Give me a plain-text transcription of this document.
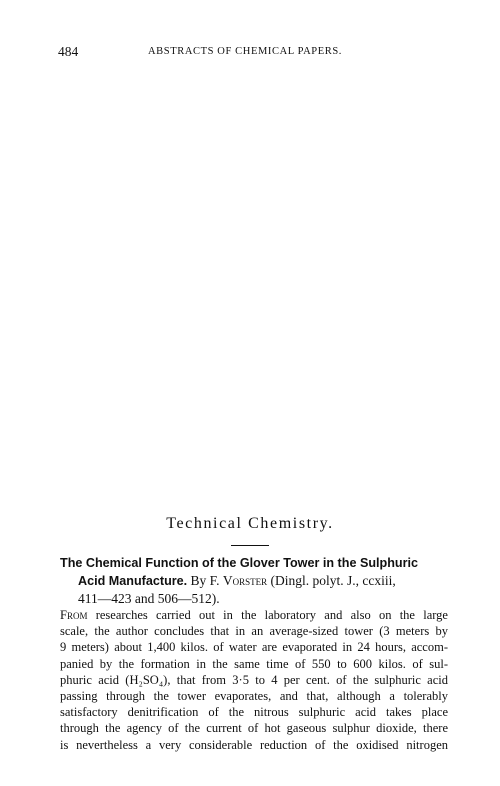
484	ABSTRACTS OF CHEMICAL PAPERS.
Technical Chemistry.

The Chemical Function of the Glover Tower in the Sulphuric
Acid Manufacture. By F. Vorster (Dingl. polyt. J., ccxiii,
411—423 and 506—512).

From researches carried out in the laboratory and also on the large
scale, the author concludes that in an average-sized tower (3 meters by
9 meters) about 1,400 kilos. of water are evaporated in 24 hours, accom-
panied by the formation in the same time of 550 to 600 kilos. of sul-
phuric acid (H₂SO₄), that from 3·5 to 4 per cent. of the sulphuric acid
passing through the tower evaporates, and that, although a tolerably
satisfactory denitrification of the nitrous sulphuric acid takes place
through the agency of the current of hot gaseous sulphur dioxide, there
is nevertheless a very considerable reduction of the oxidised nitrogen
